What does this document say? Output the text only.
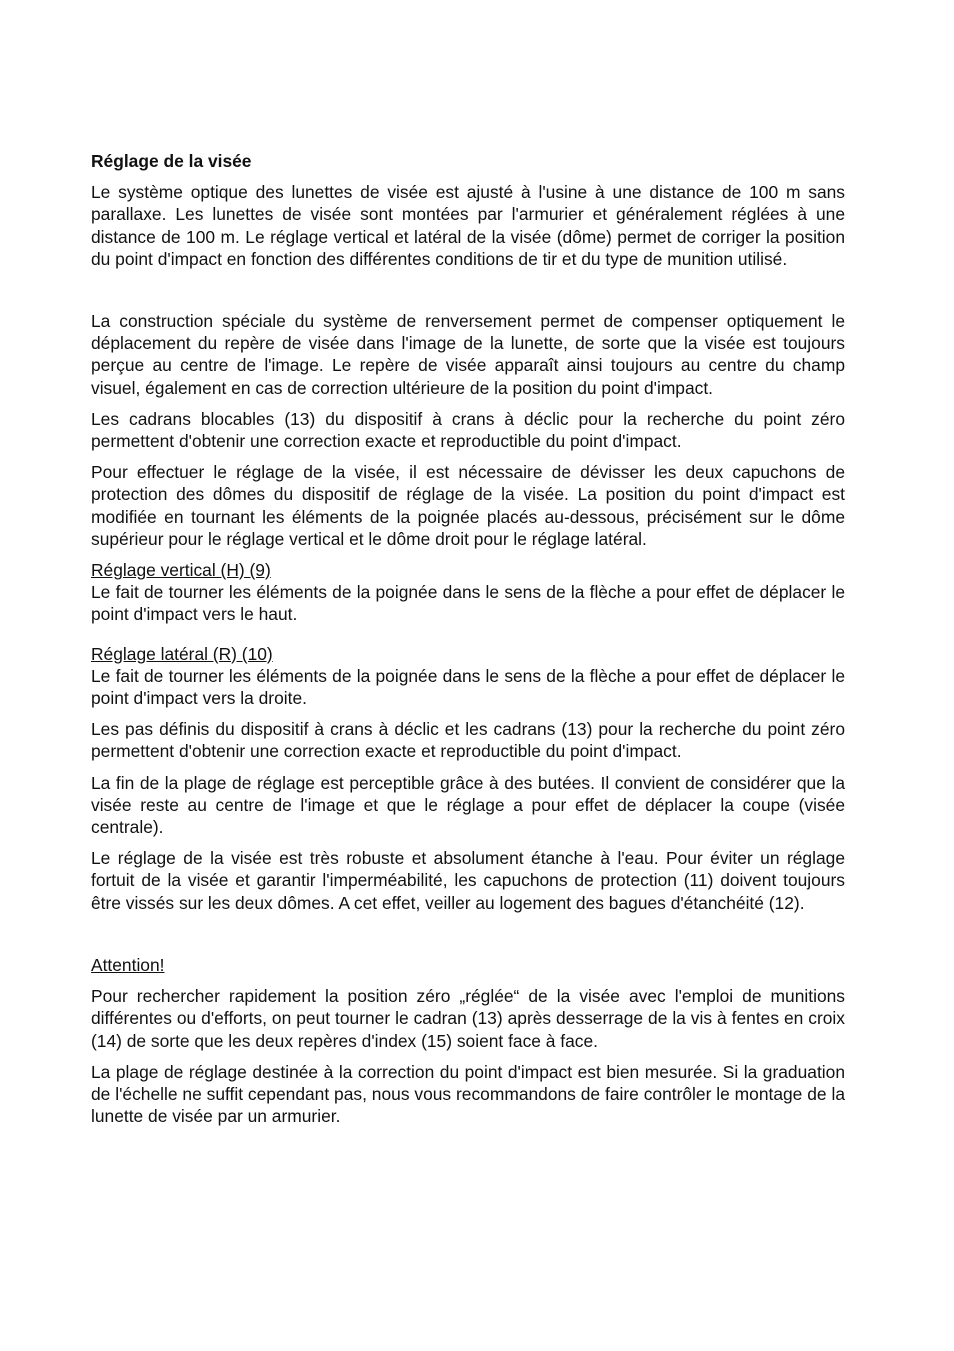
Réglage de la visée

Le système optique des lunettes de visée est ajusté à l'usine à une distance de 100 m sans parallaxe. Les lunettes de visée sont montées par l'armurier et généralement réglées à une distance de 100 m. Le réglage vertical et latéral de la visée (dôme) permet de corriger la position du point d'impact en fonction des différentes conditions de tir et du type de munition utilisé.

La construction spéciale du système de renversement permet de compenser optiquement le déplacement du repère de visée dans l'image de la lunette, de sorte que la visée est toujours perçue au centre de l'image. Le repère de visée apparaît ainsi toujours au centre du champ visuel, également en cas de correction ultérieure de la position du point d'impact.

Les cadrans blocables (13) du dispositif à crans à déclic pour la recherche du point zéro permettent d'obtenir une correction exacte et reproductible du point d'impact.

Pour effectuer le réglage de la visée, il est nécessaire de dévisser les deux capuchons de protection des dômes du dispositif de réglage de la visée. La position du point d'impact est modifiée en tournant les éléments de la poignée placés au-dessous, précisément sur le dôme supérieur pour le réglage vertical et le dôme droit pour le réglage latéral.

Réglage vertical (H) (9)

Le fait de tourner les éléments de la poignée dans le sens de la flèche a pour effet de déplacer le point d'impact vers le haut.

Réglage latéral (R) (10)

Le fait de tourner les éléments de la poignée dans le sens de la flèche a pour effet de déplacer le point d'impact vers la droite.

Les pas définis du dispositif à crans à déclic et les cadrans (13) pour la recherche du point zéro permettent d'obtenir une correction exacte et reproductible du point d'impact.

La fin de la plage de réglage est perceptible grâce à des butées. Il convient de considérer que la visée reste au centre de l'image et que le réglage a pour effet de déplacer la coupe (visée centrale).

Le réglage de la visée est très robuste et absolument étanche à l'eau. Pour éviter un réglage fortuit de la visée et garantir l'imperméabilité, les capuchons de protection (11) doivent toujours être vissés sur les deux dômes. A cet effet, veiller au logement des bagues d'étanchéité (12).

Attention!

Pour rechercher rapidement la position zéro „réglée“ de la visée avec l'emploi de munitions différentes ou d'efforts, on peut tourner le cadran (13) après desserrage de la vis à fentes en croix (14) de sorte que les deux repères d'index (15) soient face à face.

La plage de réglage destinée à la correction du point d'impact est bien mesurée. Si la graduation de l'échelle ne suffit cependant pas, nous vous recommandons de faire contrôler le montage de la lunette de visée par un armurier.
